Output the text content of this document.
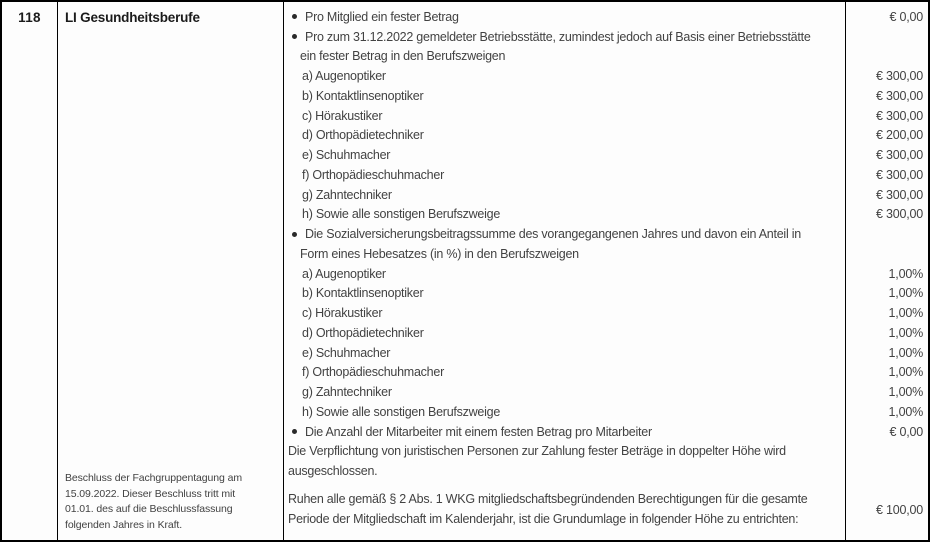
118	LI Gesundheitsberufe
Beschluss der Fachgruppentagung am
15.09.2022. Dieser Beschluss tritt mit
01.01. des auf die Beschlussfassung
folgenden Jahres in Kraft.
Pro Mitglied ein fester Betrag	€ 0,00
Pro zum 31.12.2022 gemeldeter Betriebsstätte, zumindest jedoch auf Basis einer Betriebsstätte
ein fester Betrag in den Berufszweigen
a) Augenoptiker	€ 300,00
b) Kontaktlinsenoptiker	€ 300,00
c) Hörakustiker	€ 300,00
d) Orthopädietechniker	€ 200,00
e) Schuhmacher	€ 300,00
f) Orthopädieschuhmacher	€ 300,00
g) Zahntechniker	€ 300,00
h) Sowie alle sonstigen Berufszweige	€ 300,00
Die Sozialversicherungsbeitragssumme des vorangegangenen Jahres und davon ein Anteil in
Form eines Hebesatzes (in %) in den Berufszweigen
a) Augenoptiker	1,00%
b) Kontaktlinsenoptiker	1,00%
c) Hörakustiker	1,00%
d) Orthopädietechniker	1,00%
e) Schuhmacher	1,00%
f) Orthopädieschuhmacher	1,00%
g) Zahntechniker	1,00%
h) Sowie alle sonstigen Berufszweige	1,00%
Die Anzahl der Mitarbeiter mit einem festen Betrag pro Mitarbeiter	€ 0,00
Die Verpflichtung von juristischen Personen zur Zahlung fester Beträge in doppelter Höhe wird
ausgeschlossen.
Ruhen alle gemäß § 2 Abs. 1 WKG mitgliedschaftsbegründenden Berechtigungen für die gesamte
Periode der Mitgliedschaft im Kalenderjahr, ist die Grundumlage in folgender Höhe zu entrichten:
€ 100,00
